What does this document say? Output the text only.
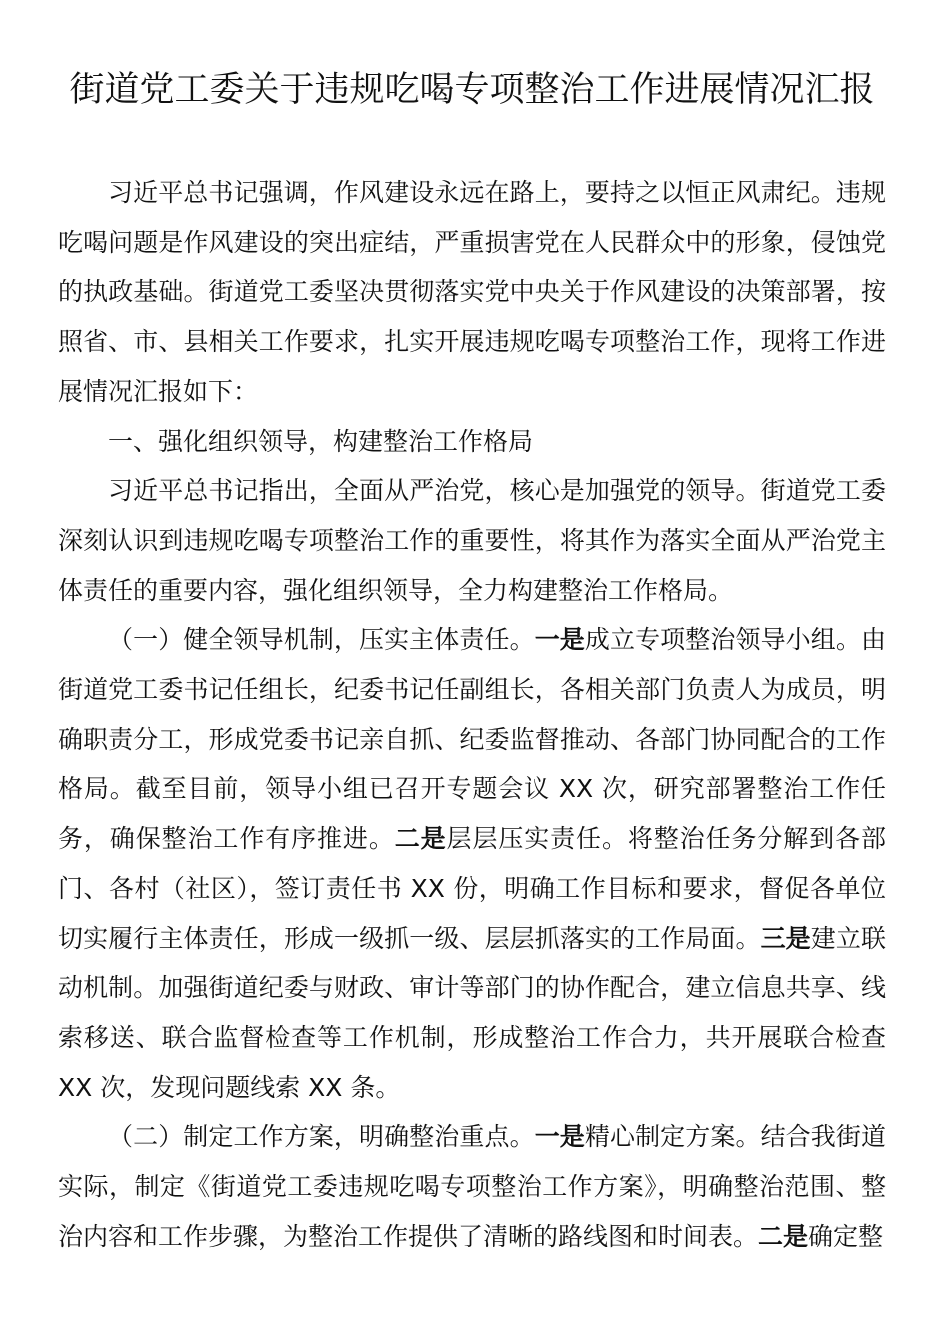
街道党工委关于违规吃喝专项整治工作进展情况汇报

习近平总书记强调，作风建设永远在路上，要持之以恒正风肃纪。违规吃喝问题是作风建设的突出症结，严重损害党在人民群众中的形象，侵蚀党的执政基础。街道党工委坚决贯彻落实党中央关于作风建设的决策部署，按照省、市、县相关工作要求，扎实开展违规吃喝专项整治工作，现将工作进展情况汇报如下：

一、强化组织领导，构建整治工作格局

习近平总书记指出，全面从严治党，核心是加强党的领导。街道党工委深刻认识到违规吃喝专项整治工作的重要性，将其作为落实全面从严治党主体责任的重要内容，强化组织领导，全力构建整治工作格局。

（一）健全领导机制，压实主体责任。一是成立专项整治领导小组。由街道党工委书记任组长，纪委书记任副组长，各相关部门负责人为成员，明确职责分工，形成党委书记亲自抓、纪委监督推动、各部门协同配合的工作格局。截至目前，领导小组已召开专题会议 XX 次，研究部署整治工作任务，确保整治工作有序推进。二是层层压实责任。将整治任务分解到各部门、各村（社区），签订责任书 XX 份，明确工作目标和要求，督促各单位切实履行主体责任，形成一级抓一级、层层抓落实的工作局面。三是建立联动机制。加强街道纪委与财政、审计等部门的协作配合，建立信息共享、线索移送、联合监督检查等工作机制，形成整治工作合力，共开展联合检查 XX 次，发现问题线索 XX 条。

（二）制定工作方案，明确整治重点。一是精心制定方案。结合我街道实际，制定《街道党工委违规吃喝专项整治工作方案》，明确整治范围、整治内容和工作步骤，为整治工作提供了清晰的路线图和时间表。二是确定整
